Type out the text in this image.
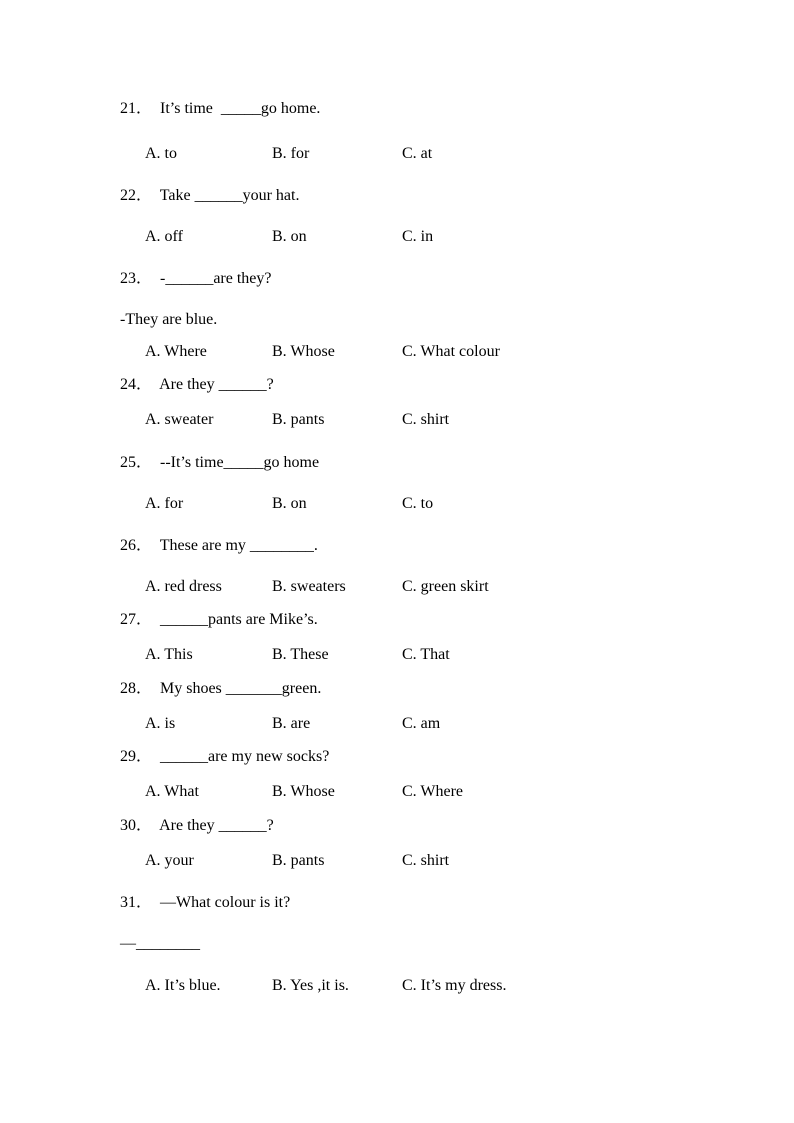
21．  It’s time  _____go home.
A. to	B. for	C. at
22．  Take ______your hat.
A. off	B. on	C. in
23．  -______are they?
-They are blue.
A. Where	B. Whose	C. What colour
24．  Are they ______?
A. sweater	B. pants	C. shirt
25．  --It’s time_____go home
A. for	B. on	C. to
26．  These are my ________.
A. red dress	B. sweaters	C. green skirt
27．  ______pants are Mike’s.
A. This	B. These	C. That
28．  My shoes _______green.
A. is	B. are	C. am
29．  ______are my new socks?
A. What	B. Whose	C. Where
30．  Are they ______?
A. your	B. pants	C. shirt
31．  —What colour is it?
—________
A. It’s blue.	B. Yes ,it is.	C. It’s my dress.
